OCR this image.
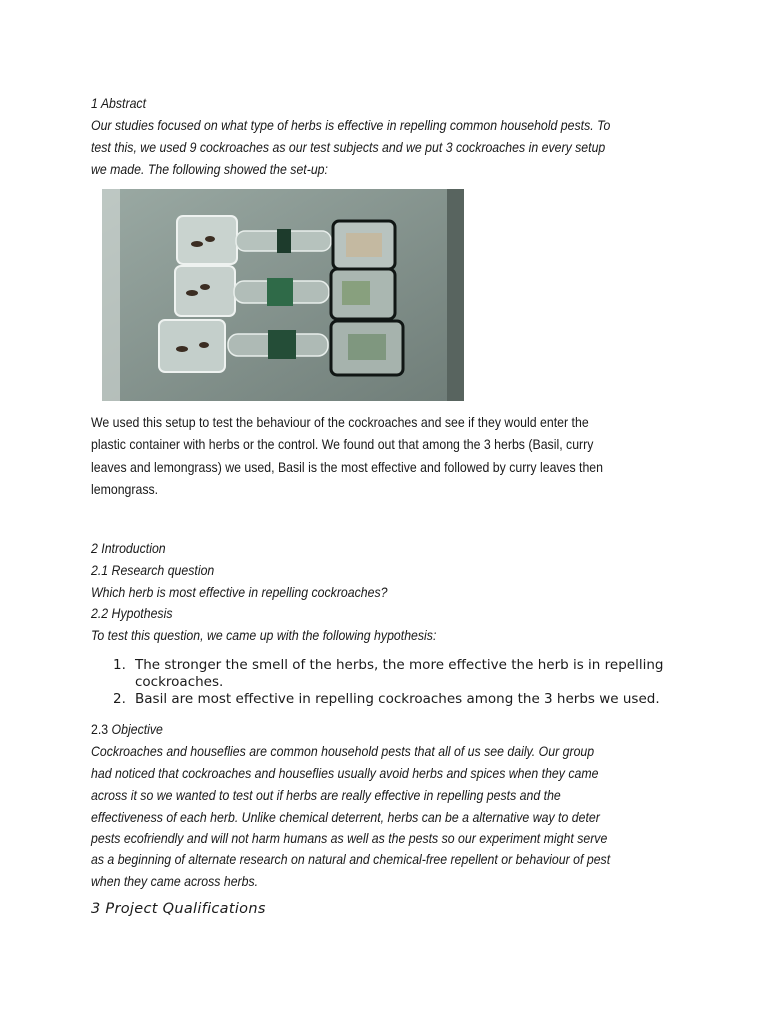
1 Abstract
Our studies focused on what type of herbs is effective in repelling common household pests. To
test this, we used 9 cockroaches as our test subjects and we put 3 cockroaches in every setup
we made. The following showed the set-up:
We used this setup to test the behaviour of the cockroaches and see if they would enter the
plastic container with herbs or the control. We found out that among the 3 herbs (Basil, curry
leaves and lemongrass) we used, Basil is the most effective and followed by curry leaves then
lemongrass.
2 Introduction
2.1 Research question
Which herb is most effective in repelling cockroaches?
2.2 Hypothesis
To test this question, we came up with the following hypothesis:
1. The stronger the smell of the herbs, the more effective the herb is in repelling
cockroaches.
2. Basil are most effective in repelling cockroaches among the 3 herbs we used.
2.3 Objective
Cockroaches and houseflies are common household pests that all of us see daily. Our group
had noticed that cockroaches and houseflies usually avoid herbs and spices when they came
across it so we wanted to test out if herbs are really effective in repelling pests and the
effectiveness of each herb. Unlike chemical deterrent, herbs can be a alternative way to deter
pests ecofriendly and will not harm humans as well as the pests so our experiment might serve
as a beginning of alternate research on natural and chemical-free repellent or behaviour of pest
when they came across herbs.
3 Project Qualifications
